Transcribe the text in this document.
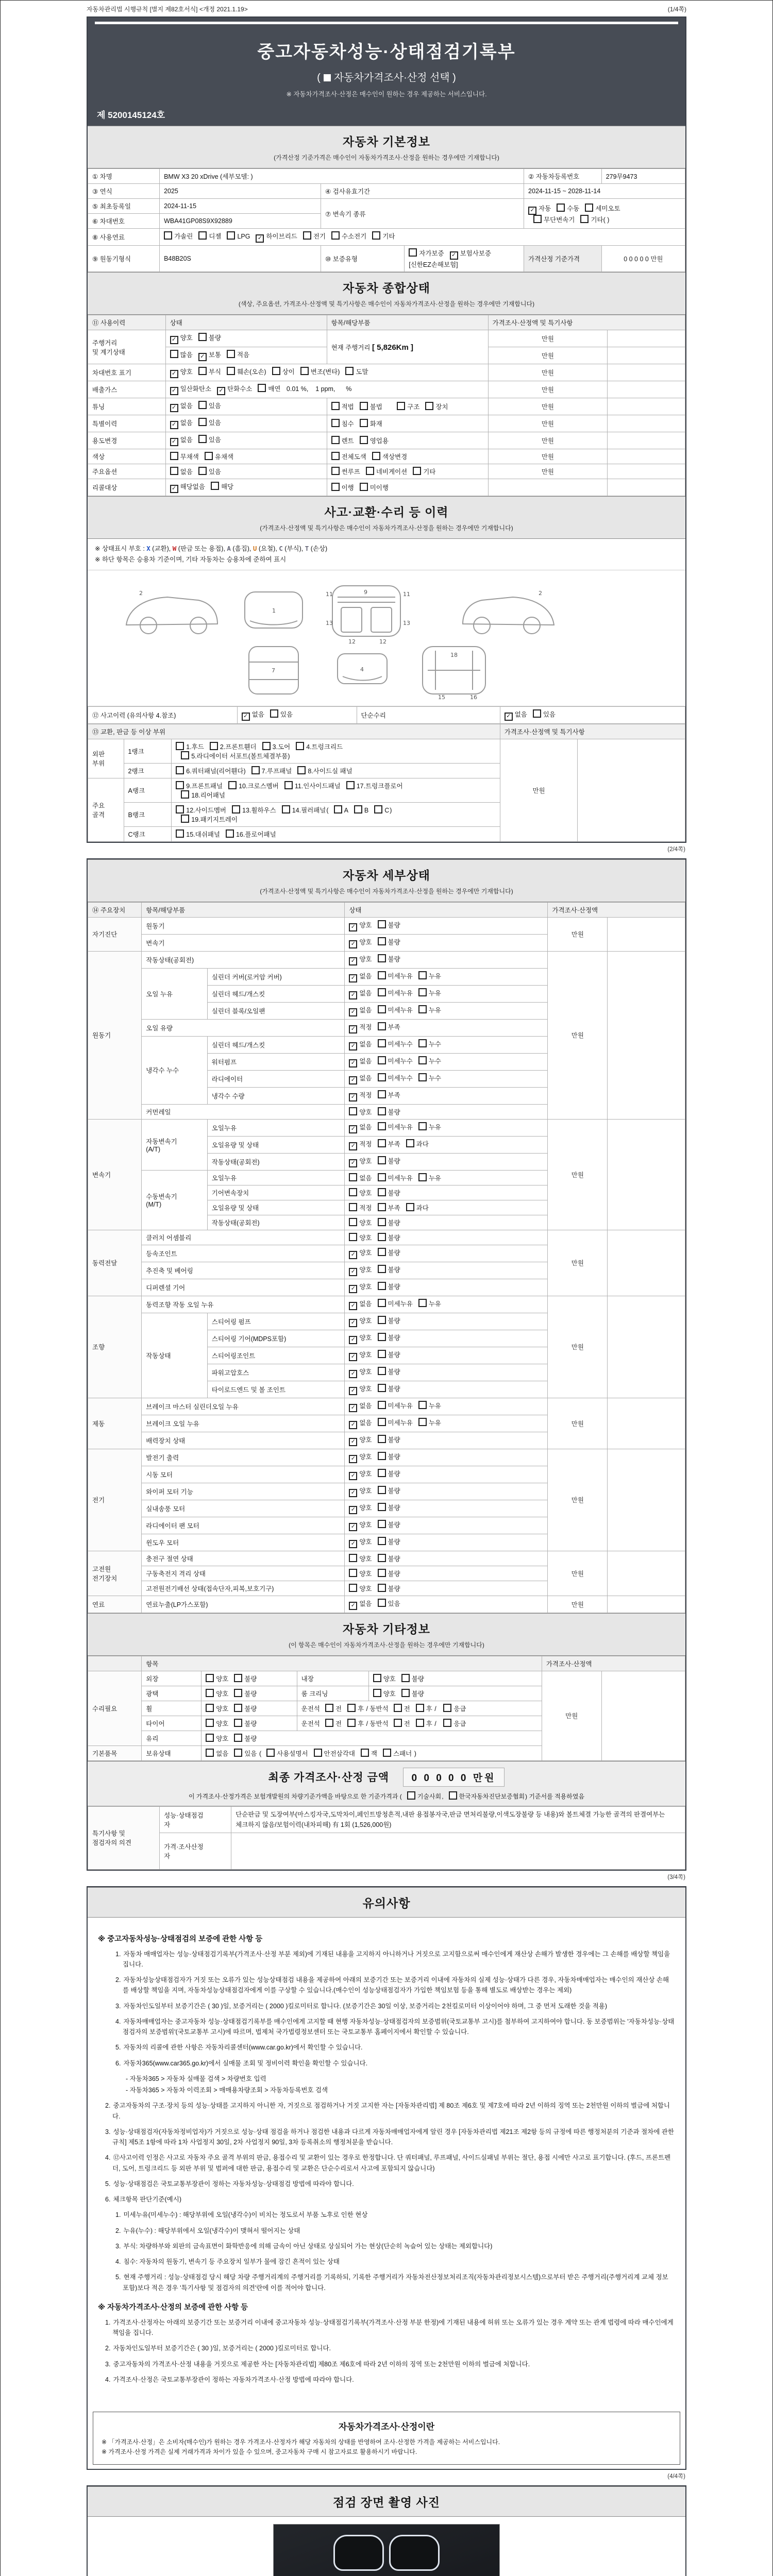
자동차관리법 시행규칙 [별지 제82호서식] <개정 2021.1.19>	(1/4쪽)
중고자동차성능·상태점검기록부
( 자동차가격조사·산정 선택 )
※ 자동차가격조사·산정은 매수인이 원하는 경우 제공하는 서비스입니다.
제 5200145124호
자동차 기본정보
(가격산정 기준가격은 매수인이 자동차가격조사·산정을 원하는 경우에만 기재합니다)
① 차명	BMW X3 20 xDrive (세부모델: )			② 자동차등록번호	279무9473
③ 연식	2025	④ 검사유효기간		2024-11-15 ~ 2028-11-14	
⑤ 최초등록일	2024-11-15	⑦ 변속기 종류	✓자동 수동 세미오토
무단변속기 기타( )
⑥ 차대번호	WBA41GP08S9X92889				
⑧ 사용연료	가솔린 디젤 LPG ✓ 하이브리드 전기 수소전기 기타
⑨ 원동기형식	B48B20S	⑩ 보증유형	자가보증 ✓ 보험사보증[신한EZ손해보험]	가격산정 기준가격	0 0 0 0 0 만원
자동차 종합상태
(색상, 주요옵션, 가격조사·산정액 및 특기사항은 매수인이 자동차가격조사·산정을 원하는 경우에만 기재합니다)
⑪ 사용이력	상태	항목/해당부품	가격조사·산정액 및 특기사항	
주행거리
및 계기상태	✓양호 불량	현재 주행거리 [ 5,826Km ]	만원	
	많음 ✓ 보통 적음		만원	
차대번호 표기	✓양호 부식 훼손(오손) 상이 변조(변타) 도말		만원	
배출가스	✓일산화탄소 ✓ 탄화수소 매연   0.01 %,    1 ppm,      %		만원	
튜닝	✓없음 있음	적법 불법 구조 장치	만원	
특별이력	✓없음 있음	침수 화재	만원	
용도변경	✓없음 있음	렌트 영업용	만원	
색상	무채색 유채색	전체도색 색상변경	만원	
주요옵션	없음 있음	썬루프 네비게이션 기타	만원	
리콜대상	✓해당없음 해당	이행 미이행		
사고·교환·수리 등 이력
(가격조사·산정액 및 특기사항은 매수인이 자동차가격조사·산정을 원하는 경우에만 기재합니다)
※ 상태표시 부호 : X (교환), W (판금 또는 용접), A (흠집), U (요철), C (부식), T (손상)
※ 하단 항목은 승용차 기준이며, 기타 자동차는 승용차에 준하여 표시
2
1
11	11
9
13	13
12	12
2
7	4
18
15	16
⑫ 사고이력 (유의사항 4.참조)	✓없음 있음	단순수리	✓없음 있음
⑬ 교환, 판금 등 이상 부위			가격조사·산정액 및 특기사항	
외판
부위	1랭크	1.후드 2.프론트휀더 3.도어 4.트렁크리드
5.라디에이터 서포트(볼트체결부품)	만원	
	2랭크	6.쿼터패널(리어휀다) 7.루프패널 8.사이드실 패널		
주요
골격	A랭크	9.프론트패널 10.크로스멤버 11.인사이드패널 17.트렁크플로어
18.리어패널		
	B랭크	12.사이드멤버 13.휠하우스 14.필러패널( A B C)
19.패키지트레이		
	C랭크	15.대쉬패널 16.플로어패널		
(2/4쪽)
자동차 세부상태
(가격조사·산정액 및 특기사항은 매수인이 자동차가격조사·산정을 원하는 경우에만 기재합니다)
⑭ 주요장치	항목/해당부품		상태	가격조사·산정액	
자기진단	원동기	✓양호 불량	만원	
	변속기	✓양호 불량
원동기	작동상태(공회전)	✓양호 불량	만원	
	오일 누유	실린더 커버(로커암 커버)	✓없음 미세누유 누유
		실린더 헤드/개스킷	✓없음 미세누유 누유
		실린더 블록/오일팬	✓없음 미세누유 누유
	오일 유량	✓적정 부족
	냉각수 누수	실린더 헤드/개스킷	✓없음 미세누수 누수
		워터펌프	✓없음 미세누수 누수
		라디에이터	✓없음 미세누수 누수
		냉각수 수량	✓적정 부족
	커먼레일		양호 불량		
변속기	자동변속기
(A/T)	오일누유	✓없음 미세누유 누유	만원	
		오일유량 및 상태	✓적정 부족 과다
		작동상태(공회전)	✓양호 불량
	수동변속기
(M/T)	오일누유	없음 미세누유 누유		
		기어변속장치	양호 불량		
		오일유량 및 상태	적정 부족 과다		
		작동상태(공회전)	양호 불량		
동력전달	클러치 어셈블리		양호 불량	만원	
	등속조인트	✓양호 불량
	추진축 및 베어링	✓양호 불량
	디퍼렌셜 기어	✓양호 불량
조향	동력조향 작동 오일 누유	✓없음 미세누유 누유	만원	
	작동상태	스티어링 펌프	✓양호 불량
		스티어링 기어(MDPS포함)	✓양호 불량
		스티어링조인트	✓양호 불량
		파워고압호스	✓양호 불량
		타이로드엔드 및 볼 조인트	✓양호 불량
제동	브레이크 마스터 실린더오일 누유	✓없음 미세누유 누유	만원	
	브레이크 오일 누유	✓없음 미세누유 누유
	배력장치 상태	✓양호 불량
전기	발전기 출력	✓양호 불량	만원	
	시동 모터	✓양호 불량
	와이퍼 모터 기능	✓양호 불량
	실내송풍 모터	✓양호 불량
	라디에이터 팬 모터	✓양호 불량
	윈도우 모터	✓양호 불량
고전원
전기장치	충전구 절연 상태		양호 불량	만원	
	구동축전지 격리 상태		양호 불량		
	고전원전기배선 상태(접속단자,피복,보호기구)		양호 불량		
연료	연료누출(LP가스포함)	✓없음 있음	만원	
자동차 기타정보
(이 항목은 매수인이 자동차가격조사·산정을 원하는 경우에만 기재합니다)
	항목				가격조사·산정액	
수리필요	외장	양호 불량	내장	양호 불량	만원	
	광택	양호 불량	룸 크리닝	양호 불량		
	휠	양호 불량	운전석 전 후 / 동반석 전 후 / 응급			
	타이어	양호 불량	운전석 전 후 / 동반석 전 후 / 응급			
	유리	양호 불량				
기본품목	보유상태	없음 있음 ( 사용설명서 안전삼각대 잭 스패너 )				
최종 가격조사·산정 금액 0 0 0 0 0 만원
이 가격조사·산정가격은 보험개발원의 차량기준가액을 바탕으로 한 기준가격과 (	기술사회,	한국자동차진단보증협회) 기준서를 적용하였음
특기사항 및
점검자의 의견	성능·상태점검
자	단순판금 및 도장여부(마스킹자국,도막차이,페인트방청흔적,내판 용접봉자국,판금 면처리불량,이색도장불량 등 내용)와 볼트체결 가능한 골격의 판결여부는 체크하지 않음/보험이력(내차피해) 有 1회 (1,526,000원)
	가격·조사산정
자	
(3/4쪽)
유의사항
※ 중고자동차성능·상태점검의 보증에 관한 사항 등
1. 자동차 매매업자는 성능·상태점검기록부(가격조사·산정 부분 제외)에 기재된 내용을 고지하지 아니하거나 거짓으로 고지함으로써 매수인에게 재산상 손해가 발생한 경우에는 그 손해를 배상할 책임을 집니다.
2. 자동차성능상태점검자가 거짓 또는 오류가 있는 성능상태점검 내용을 제공하여 아래의 보증기간 또는 보증거리 이내에 자동차의 실제 성능·상태가 다른 경우, 자동차매매업자는 매수인의 재산상 손해를 배상할 책임을 지며, 자동차성능상태점검자에게 이를 구상할 수 있습니다.(매수인이 성능상태점검자가 가입한 책임보험 등을 통해 별도로 배상받는 경우는 제외)
3. 자동차인도일부터 보증기간은 ( 30 )일, 보증거리는 ( 2000 )킬로미터로 합니다. (보증기간은 30일 이상, 보증거리는 2천킬로미터 이상이어야 하며, 그 중 먼저 도래한 것을 적용)
4. 자동차매매업자는 중고자동차 성능·상태점검기록부를 매수인에게 고지할 때 현행 자동차성능·상태점검자의 보증범위(국토교통부 고시)를 첨부하여 고지하여야 합니다. 동 보증범위는 '자동차성능·상태점검자의 보증범위'(국토교통부 고시)에 따르며, 법제처 국가법령정보센터 또는 국토교통부 홈페이지에서 확인할 수 있습니다.
5. 자동차의 리콜에 관한 사항은 자동차리콜센터(www.car.go.kr)에서 확인할 수 있습니다.
6. 자동차365(www.car365.go.kr)에서 실매물 조회 및 정비이력 확인을 확인할 수 있습니다.
- 자동차365 > 자동차 실매물 검색 > 차량번호 입력
- 자동차365 > 자동차 이력조회 > 매매용차량조회 > 자동차등록번호 검색
2. 중고자동차의 구조·장치 등의 성능·상태를 고지하지 아니한 자, 거짓으로 점검하거나 거짓 고지한 자는 [자동차관리법] 제 80조 제6호 및 제7호에 따라 2년 이하의 징역 또는 2천만원 이하의 벌금에 처합니다.
3. 성능·상태점검자(자동차정비업자)가 거짓으로 성능·상태 점검을 하거나 점검한 내용과 다르게 자동차매매업자에게 알린 경우 [자동차관리법 제21조 제2항 등의 규정에 따른 행정처분의 기준과 절차에 관한 규칙] 제5조 1항에 따라 1차 사업정지 30일, 2차 사업정지 90일, 3차 등록취소의 행정처분을 받습니다.
4. ⑫사고이력 인정은 사고로 자동차 주요 골격 부위의 판금, 용접수리 및 교환이 있는 경우로 한정합니다. 단 쿼터패널, 루프패널, 사이드실패널 부위는 절단, 용접 시에만 사고로 표기합니다. (후드, 프론트펜더, 도어, 트렁크리드 등 외판 부위 및 범퍼에 대한 판금, 용접수리 및 교환은 단순수리로서 사고에 포함되지 않습니다)
5. 성능·상태점검은 국토교통부장관이 정하는 자동차성능·상태점검 방법에 따라야 합니다.
6. 체크항목 판단기준(예시)
1. 미세누유(미세누수) : 해당부위에 오일(냉각수)이 비치는 정도로서 부품 노후로 인한 현상
2. 누유(누수) : 해당부위에서 오일(냉각수)이 맺혀서 떨어지는 상태
3. 부식: 차량하부와 외판의 금속표면이 화학반응에 의해 금속이 아닌 상태로 상실되어 가는 현상(단순히 녹슬어 있는 상태는 제외합니다)
4. 침수: 자동차의 원동기, 변속기 등 주요장치 일부가 물에 잠긴 흔적이 있는 상태
5. 현재 주행거리 : 성능·상태점검 당시 해당 차량 주행거리계의 주행거리를 기록하되, 기록한 주행거리가 자동차전산정보처리조직(자동차관리정보시스템)으로부터 받은 주행거리(주행거리계 교체 정보 포함)보다 적은 경우 '특기사항 및 점검자의 의견'란에 이를 적어야 합니다.
※ 자동차가격조사·산정의 보증에 관한 사항 등
1. 가격조사·산정자는 아래의 보증기간 또는 보증거리 이내에 중고자동차 성능·상태점검기록부(가격조사·산정 부분 한정)에 기재된 내용에 허위 또는 오류가 있는 경우 계약 또는 관계 법령에 따라 매수인에게 책임을 집니다.
2. 자동차인도일부터 보증기간은 ( 30 )일, 보증거리는 ( 2000 )킬로미터로 합니다.
3. 중고자동차의 가격조사·산정 내용을 거짓으로 제공한 자는 [자동차관리법] 제80조 제6호에 따라 2년 이하의 징역 또는 2천만원 이하의 벌금에 처합니다.
4. 가격조사·산정은 국토교통부장관이 정하는 자동차가격조사·산정 방법에 따라야 합니다.
자동차가격조사·산정이란
※ 「가격조사·산정」은 소비자(매수인)가 원하는 경우 가격조사·산정자가 해당 자동차의 상태를 반영하여 조사·산정한 가격을 제공하는 서비스입니다.
※ 가격조사·산정 가격은 실제 거래가격과 차이가 있을 수 있으며, 중고자동차 구매 시 참고자료로 활용하시기 바랍니다.
(4/4쪽)
점검 장면 촬영 사진
